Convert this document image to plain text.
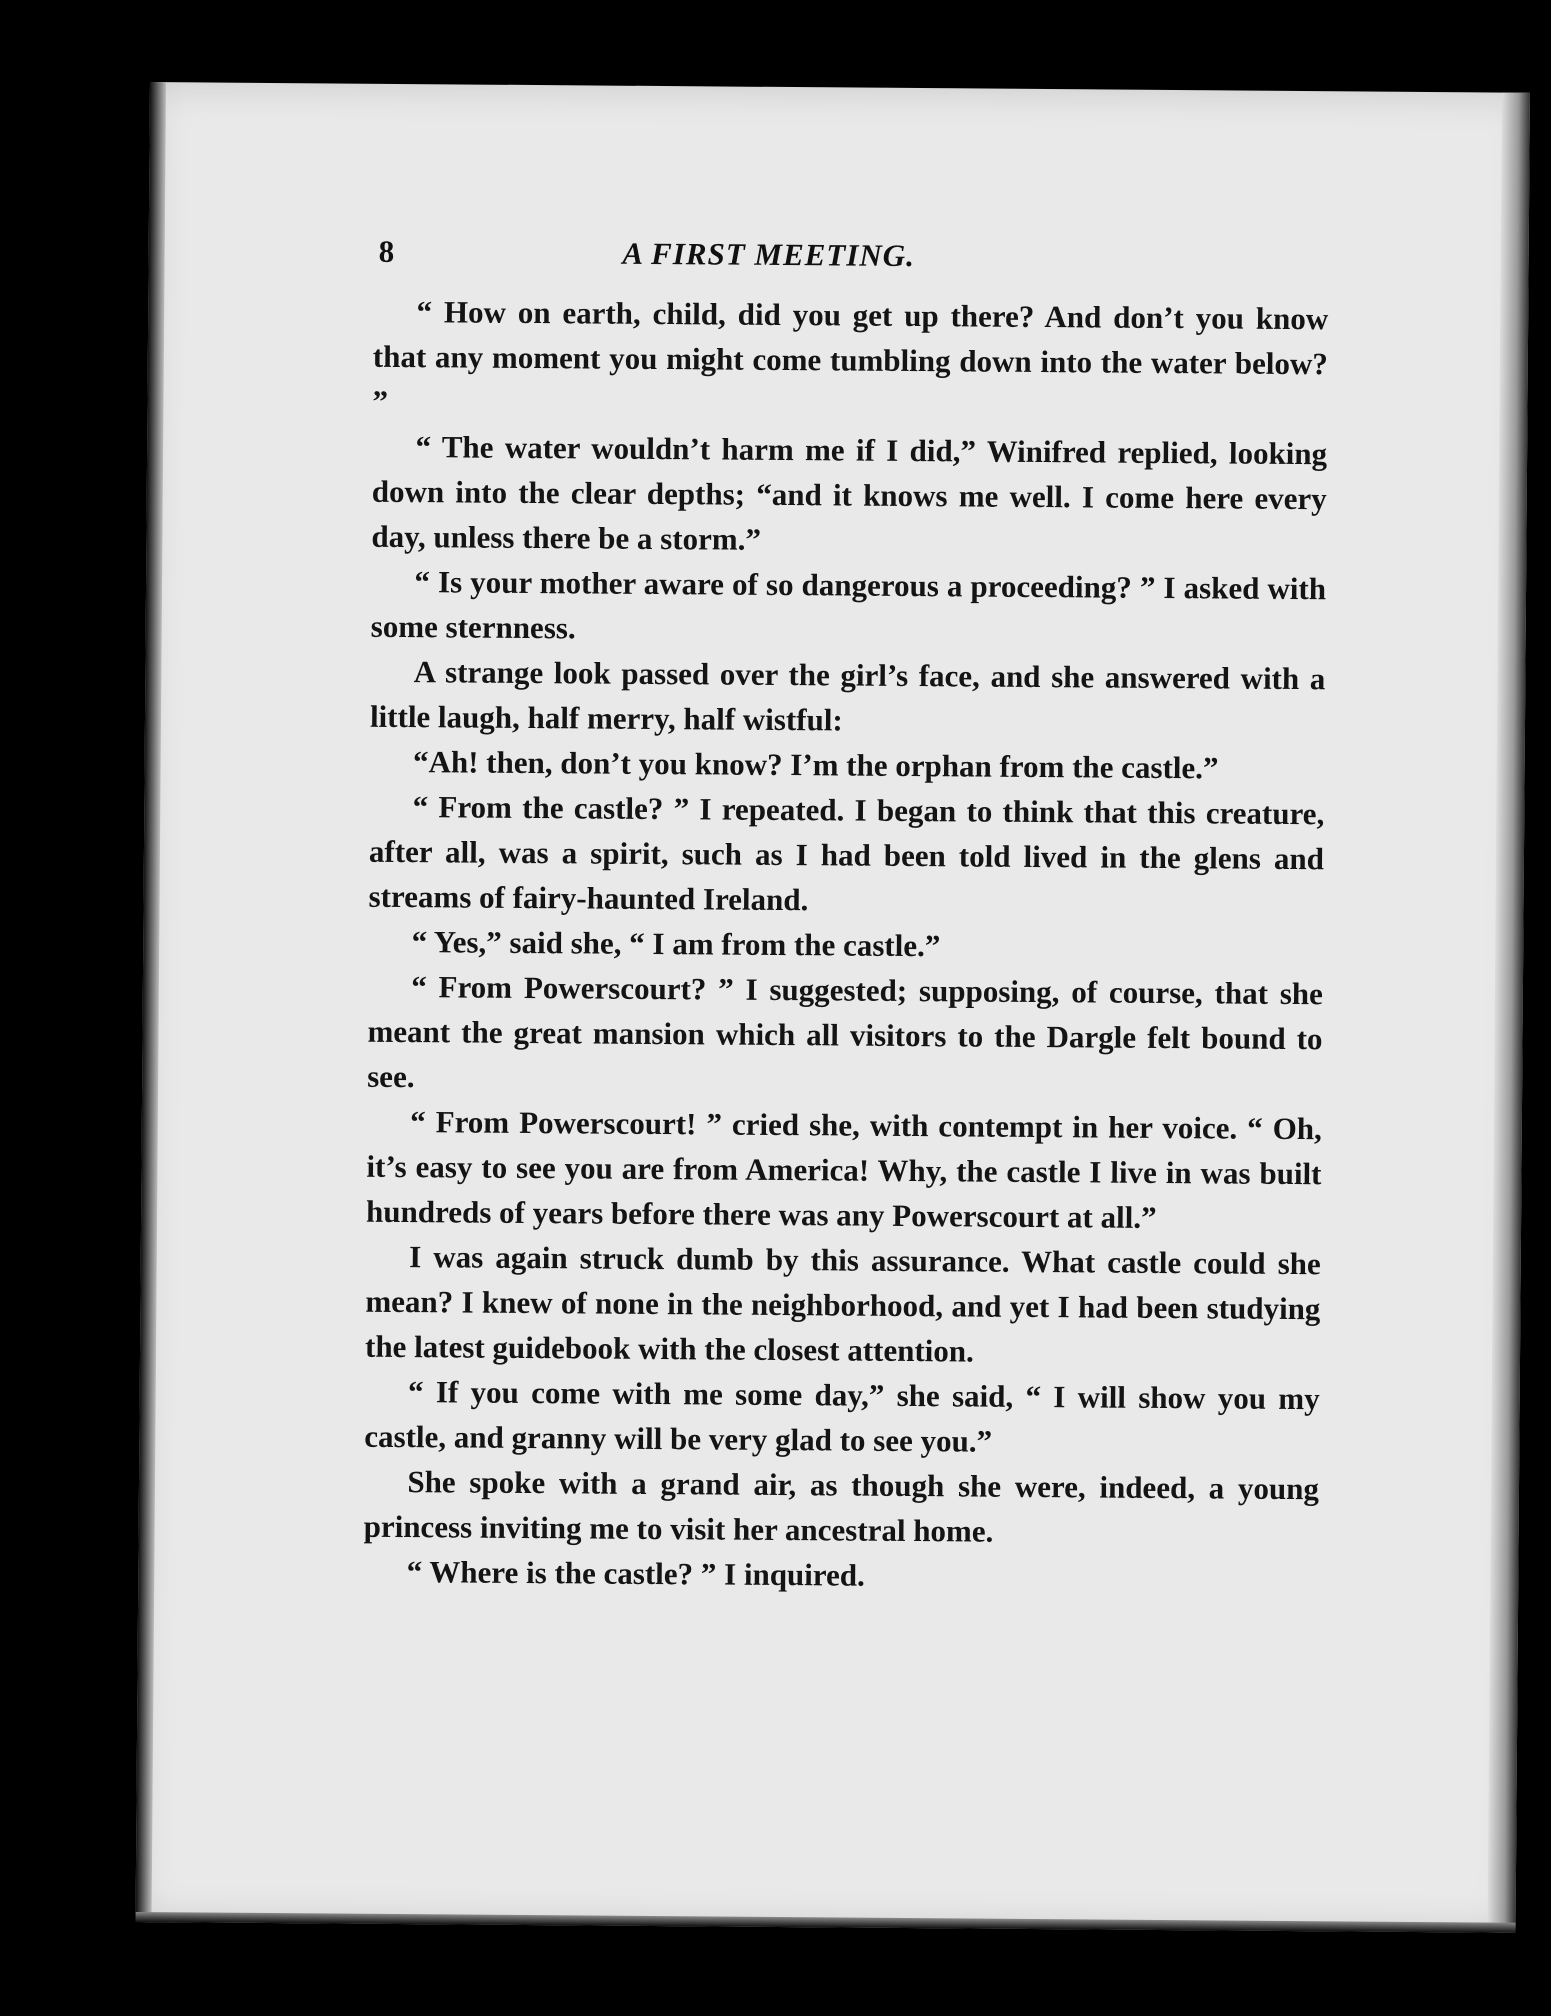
8	A FIRST MEETING.

“ How on earth, child, did you get up there? And don’t you know that any moment you might come tumbling down into the water below? ”

“ The water wouldn’t harm me if I did,” Winifred replied, looking down into the clear depths; “and it knows me well. I come here every day, unless there be a storm.”

“ Is your mother aware of so dangerous a proceeding? ” I asked with some sternness.

A strange look passed over the girl’s face, and she answered with a little laugh, half merry, half wistful:

“Ah! then, don’t you know? I’m the orphan from the castle.”

“ From the castle? ” I repeated. I began to think that this creature, after all, was a spirit, such as I had been told lived in the glens and streams of fairy-haunted Ireland.

“ Yes,” said she, “ I am from the castle.”

“ From Powerscourt? ” I suggested; supposing, of course, that she meant the great mansion which all visitors to the Dargle felt bound to see.

“ From Powerscourt! ” cried she, with contempt in her voice. “ Oh, it’s easy to see you are from America! Why, the castle I live in was built hundreds of years before there was any Powerscourt at all.”

I was again struck dumb by this assurance. What castle could she mean? I knew of none in the neighborhood, and yet I had been studying the latest guidebook with the closest attention.

“ If you come with me some day,” she said, “ I will show you my castle, and granny will be very glad to see you.”

She spoke with a grand air, as though she were, indeed, a young princess inviting me to visit her ancestral home.

“ Where is the castle? ” I inquired.
